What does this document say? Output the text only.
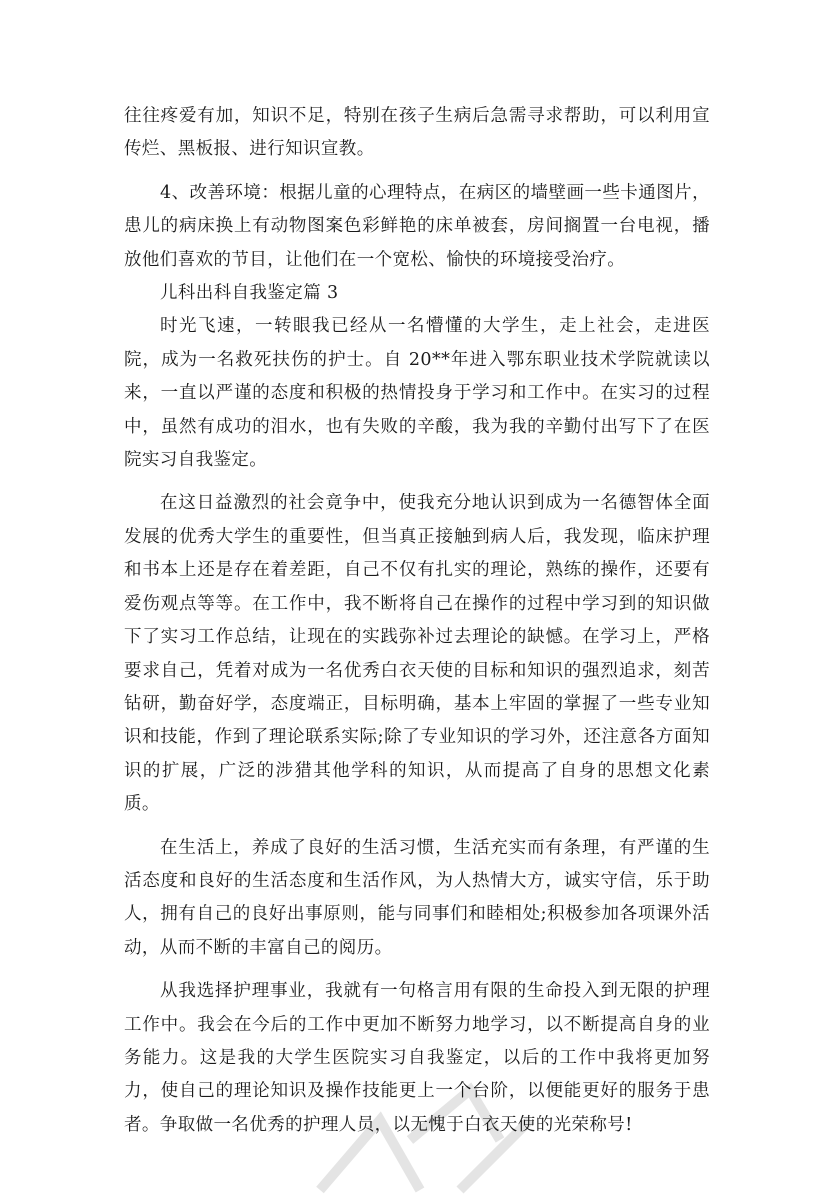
往往疼爱有加，知识不足，特别在孩子生病后急需寻求帮助，可以利用宣传烂、黑板报、进行知识宣教。

4、改善环境：根据儿童的心理特点，在病区的墙壁画一些卡通图片，患儿的病床换上有动物图案色彩鲜艳的床单被套，房间搁置一台电视，播放他们喜欢的节目，让他们在一个宽松、愉快的环境接受治疗。

儿科出科自我鉴定篇 3

时光飞速，一转眼我已经从一名懵懂的大学生，走上社会，走进医院，成为一名救死扶伤的护士。自 20**年进入鄂东职业技术学院就读以来，一直以严谨的态度和积极的热情投身于学习和工作中。在实习的过程中，虽然有成功的泪水，也有失败的辛酸，我为我的辛勤付出写下了在医院实习自我鉴定。

在这日益激烈的社会竟争中，使我充分地认识到成为一名德智体全面发展的优秀大学生的重要性，但当真正接触到病人后，我发现，临床护理和书本上还是存在着差距，自己不仅有扎实的理论，熟练的操作，还要有爱伤观点等等。在工作中，我不断将自己在操作的过程中学习到的知识做下了实习工作总结，让现在的实践弥补过去理论的缺憾。在学习上，严格要求自己，凭着对成为一名优秀白衣天使的目标和知识的强烈追求，刻苦钻研，勤奋好学，态度端正，目标明确，基本上牢固的掌握了一些专业知识和技能，作到了理论联系实际;除了专业知识的学习外，还注意各方面知识的扩展，广泛的涉猎其他学科的知识，从而提高了自身的思想文化素质。

在生活上，养成了良好的生活习惯，生活充实而有条理，有严谨的生活态度和良好的生活态度和生活作风，为人热情大方，诚实守信，乐于助人，拥有自己的良好出事原则，能与同事们和睦相处;积极参加各项课外活动，从而不断的丰富自己的阅历。

从我选择护理事业，我就有一句格言用有限的生命投入到无限的护理工作中。我会在今后的工作中更加不断努力地学习，以不断提高自身的业务能力。这是我的大学生医院实习自我鉴定，以后的工作中我将更加努力，使自己的理论知识及操作技能更上一个台阶，以便能更好的服务于患者。争取做一名优秀的护理人员，以无愧于白衣天使的光荣称号!
